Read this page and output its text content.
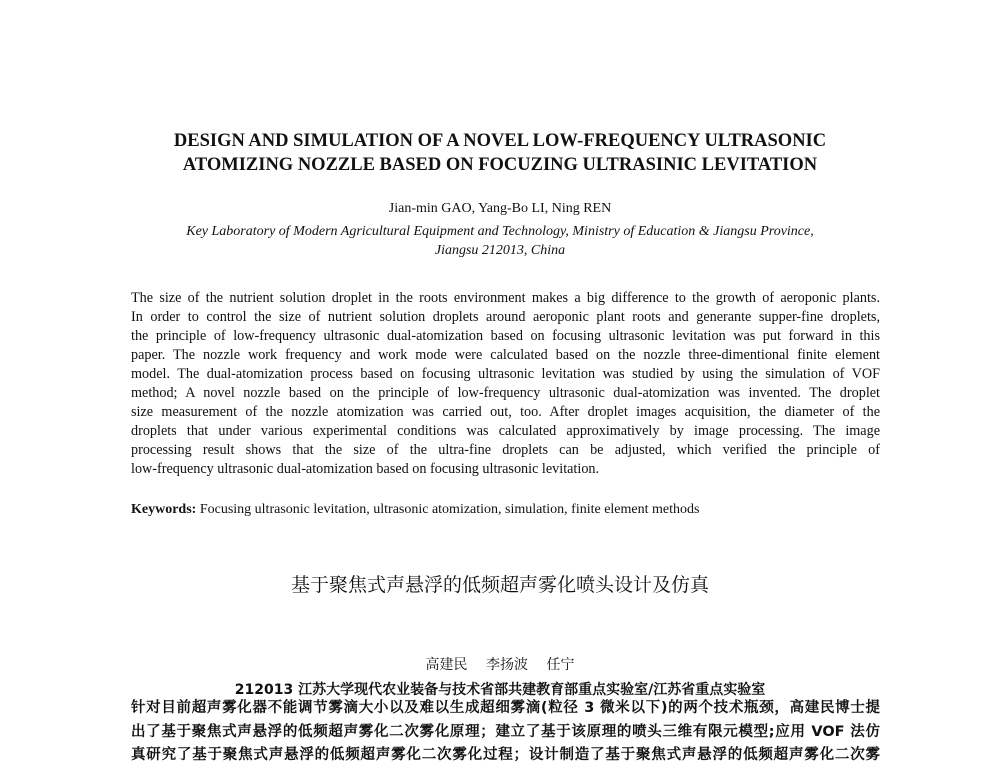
DESIGN AND SIMULATION OF A NOVEL LOW-FREQUENCY ULTRASONIC
ATOMIZING NOZZLE BASED ON FOCUZING ULTRASINIC LEVITATION
Jian-min GAO, Yang-Bo LI, Ning REN
Key Laboratory of Modern Agricultural Equipment and Technology, Ministry of Education & Jiangsu Province,
Jiangsu 212013, China
The size of the nutrient solution droplet in the roots environment makes a big difference to the growth of aeroponic plants.
In order to control the size of nutrient solution droplets around aeroponic plant roots and generante supper-fine droplets,
the principle of low-frequency ultrasonic dual-atomization based on focusing ultrasonic levitation was put forward in this
paper. The nozzle work frequency and work mode were calculated based on the nozzle three-dimentional finite element
model. The dual-atomization process based on focusing ultrasonic levitation was studied by using the simulation of VOF
method; A novel nozzle based on the principle of low-frequency ultrasonic dual-atomization was invented. The droplet
size measurement of the nozzle atomization was carried out, too. After droplet images acquisition, the diameter of the
droplets that under various experimental conditions was calculated approximatively by image processing. The image
processing result shows that the size of the ultra-fine droplets can be adjusted, which verified the principle of
low-frequency ultrasonic dual-atomization based on focusing ultrasonic levitation.
Keywords: Focusing ultrasonic levitation, ultrasonic atomization, simulation, finite element methods
基于聚焦式声悬浮的低频超声雾化喷头设计及仿真
高建民 李扬波 任宁
212013 江苏大学现代农业装备与技术省部共建教育部重点实验室/江苏省重点实验室
针对目前超声雾化器不能调节雾滴大小以及难以生成超细雾滴(粒径 3 微米以下)的两个技术瓶颈，高建民博士提
出了基于聚焦式声悬浮的低频超声雾化二次雾化原理；建立了基于该原理的喷头三维有限元模型;应用 VOF 法仿
真研究了基于聚焦式声悬浮的低频超声雾化二次雾化过程；设计制造了基于聚焦式声悬浮的低频超声雾化二次雾
